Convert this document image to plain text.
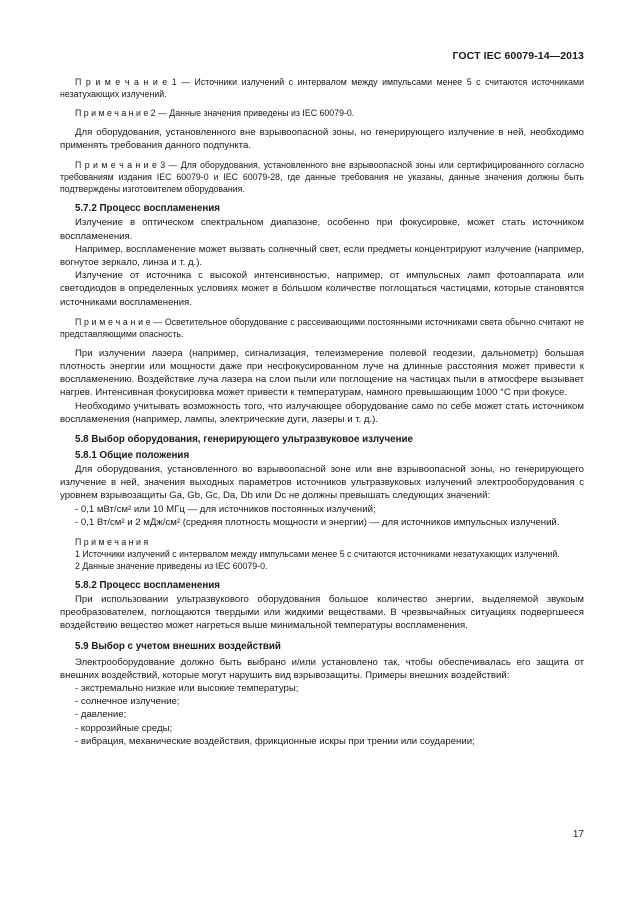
ГОСТ IEC 60079-14—2013

П р и м е ч а н и е 1 — Источники излучений с интервалом между импульсами менее 5 с считаются источниками незатухающих излучений.

П р и м е ч а н и е 2 — Данные значения приведены из IEC 60079-0.

Для оборудования, установленного вне взрывоопасной зоны, но генерирующего излучение в ней, необходимо применять требования данного подпункта.

П р и м е ч а н и е 3 — Для оборудования, установленного вне взрывоопасной зоны или сертифицированного согласно требованиям издания IEC 60079-0 и IEC 60079-28, где данные требования не указаны, данные значения должны быть подтверждены изготовителем оборудования.

5.7.2 Процесс воспламенения

Излучение в оптическом спектральном диапазоне, особенно при фокусировке, может стать источником воспламенения.

Например, воспламенение может вызвать солнечный свет, если предметы концентрируют излучение (например, вогнутое зеркало, линза и т. д.).

Излучение от источника с высокой интенсивностью, например, от импульсных ламп фотоаппарата или светодиодов в определенных условиях может в большом количестве поглощаться частицами, которые становятся источниками воспламенения.

П р и м е ч а н и е — Осветительное оборудование с рассеивающими постоянными источниками света обычно считают не представляющими опасность.

При излучении лазера (например, сигнализация, телеизмерение полевой геодезии, дальнометр) большая плотность энергии или мощности даже при несфокусированном луче на длинные расстояния может привести к воспламенению. Воздействие луча лазера на слои пыли или поглощение на частицах пыли в атмосфере вызывает нагрев. Интенсивная фокусировка может привести к температурам, намного превышающим 1000 °С при фокусе.

Необходимо учитывать возможность того, что излучающее оборудование само по себе может стать источником воспламенения (например, лампы, электрические дуги, лазеры и т. д.).

5.8 Выбор оборудования, генерирующего ультразвуковое излучение
5.8.1 Общие положения

Для оборудования, установленного во взрывоопасной зоне или вне взрывоопасной зоны, но генерирующего излучение в ней, значения выходных параметров источников ультразвуковых излучений электрооборудования с уровнем взрывозащиты Ga, Gb, Gc, Da, Db или Dc не должны превышать следующих значений:

- 0,1 мВт/см² или 10 МГц — для источников постоянных излучений;

- 0,1 Вт/см² и 2 мДж/см² (средняя плотность мощности и энергии) — для источников импульсных излучений.

П р и м е ч а н и я

1 Источники излучений с интервалом между импульсами менее 5 с считаются источниками незатухающих излучений.

2 Данные значение приведены из IEC 60079-0.

5.8.2 Процесс воспламенения

При использовании ультразвукового оборудования большое количество энергии, выделяемой звукоым преобразователем, поглощаются твердыми или жидкими веществами. В чрезвычайных ситуациях подвергшееся воздействию вещество может нагреться выше минимальной температуры воспламенения.

5.9 Выбор с учетом внешних воздействий

Электрооборудование должно быть выбрано и/или установлено так, чтобы обеспечивалась его защита от внешних воздействий, которые могут нарушить вид взрывозащиты. Примеры внешних воздействий:

- экстремально низкие или высокие температуры;

- солнечное излучение;

- давление;

- коррозийные среды;

- вибрация, механические воздействия, фрикционные искры при трении или соударении;

17
